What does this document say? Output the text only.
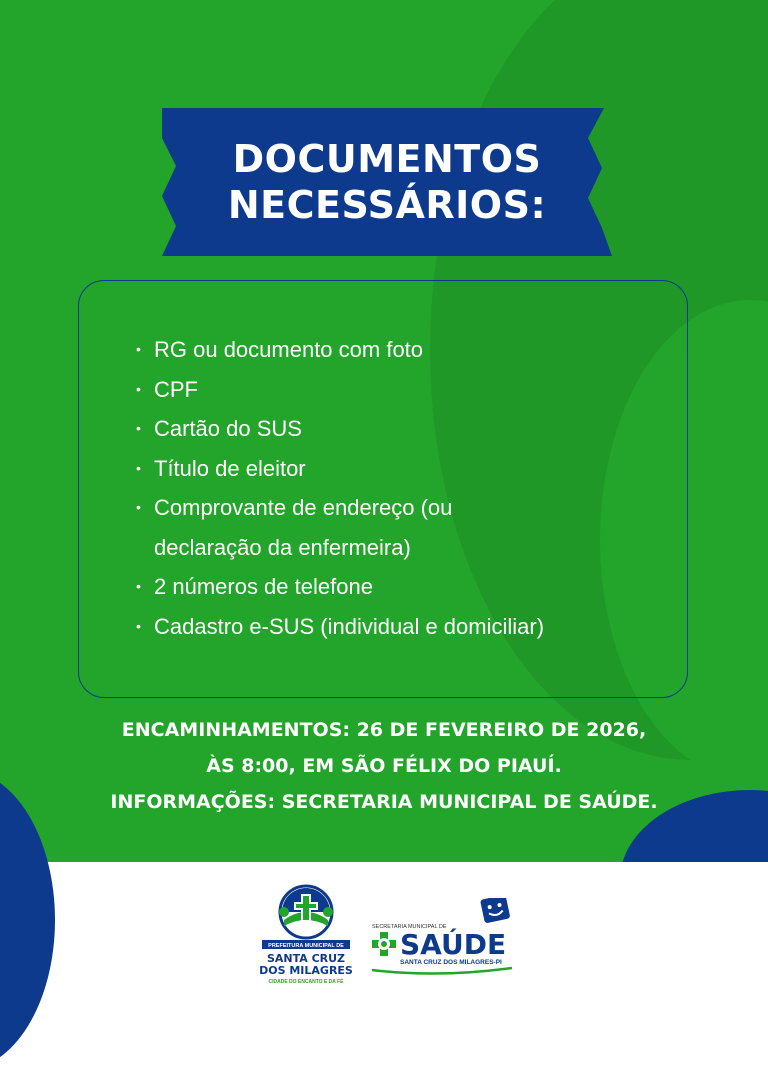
DOCUMENTOS
NECESSÁRIOS:
• RG ou documento com foto
• CPF
• Cartão do SUS
• Título de eleitor
• Comprovante de endereço (ou
declaração da enfermeira)
• 2 números de telefone
• Cadastro e-SUS (individual e domiciliar)
ENCAMINHAMENTOS: 26 DE FEVEREIRO DE 2026,
ÀS 8:00, EM SÃO FÉLIX DO PIAUÍ.
INFORMAÇÕES: SECRETARIA MUNICIPAL DE SAÚDE.
PREFEITURA MUNICIPAL DE
SANTA CRUZ
DOS MILAGRES
CIDADE DO ENCANTO E DA FÉ
SECRETARIA MUNICIPAL DE
SAÚDE
SANTA CRUZ DOS MILAGRES-PI
